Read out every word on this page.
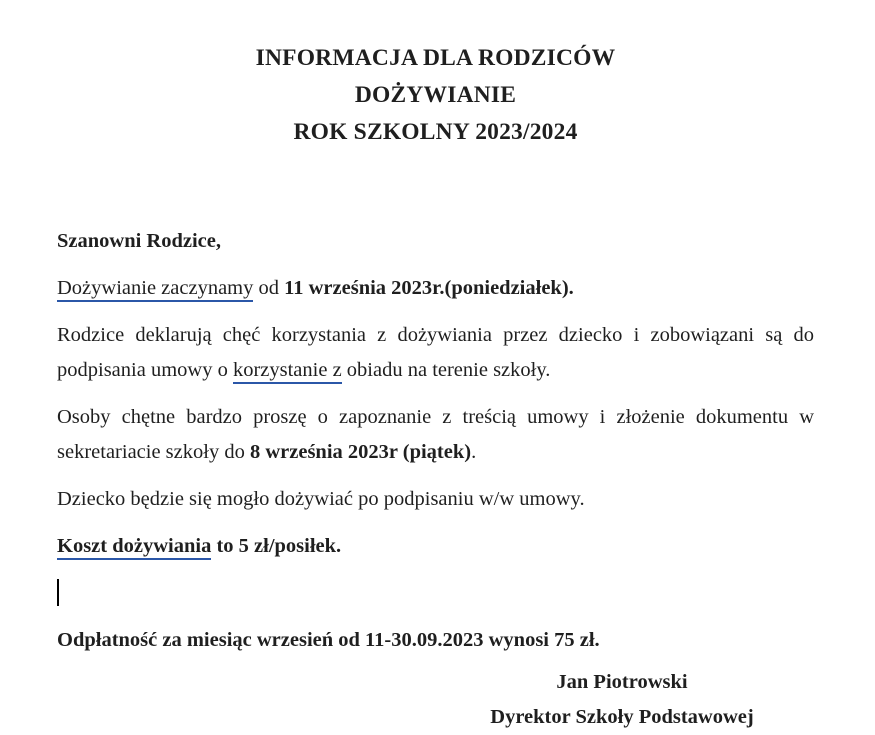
INFORMACJA DLA RODZICÓW
DOŻYWIANIE
ROK SZKOLNY 2023/2024

Szanowni Rodzice,

Dożywianie zaczynamy od 11 września 2023r.(poniedziałek).

Rodzice deklarują chęć korzystania z dożywiania przez dziecko i zobowiązani są do podpisania umowy o korzystanie z obiadu na terenie szkoły.

Osoby chętne bardzo proszę o zapoznanie z treścią umowy i złożenie dokumentu w sekretariacie szkoły do 8 września 2023r (piątek).

Dziecko będzie się mogło dożywiać po podpisaniu w/w umowy.

Koszt dożywiania to 5 zł/posiłek.

Odpłatność za miesiąc wrzesień od 11-30.09.2023 wynosi 75 zł.

Jan Piotrowski
Dyrektor Szkoły Podstawowej
